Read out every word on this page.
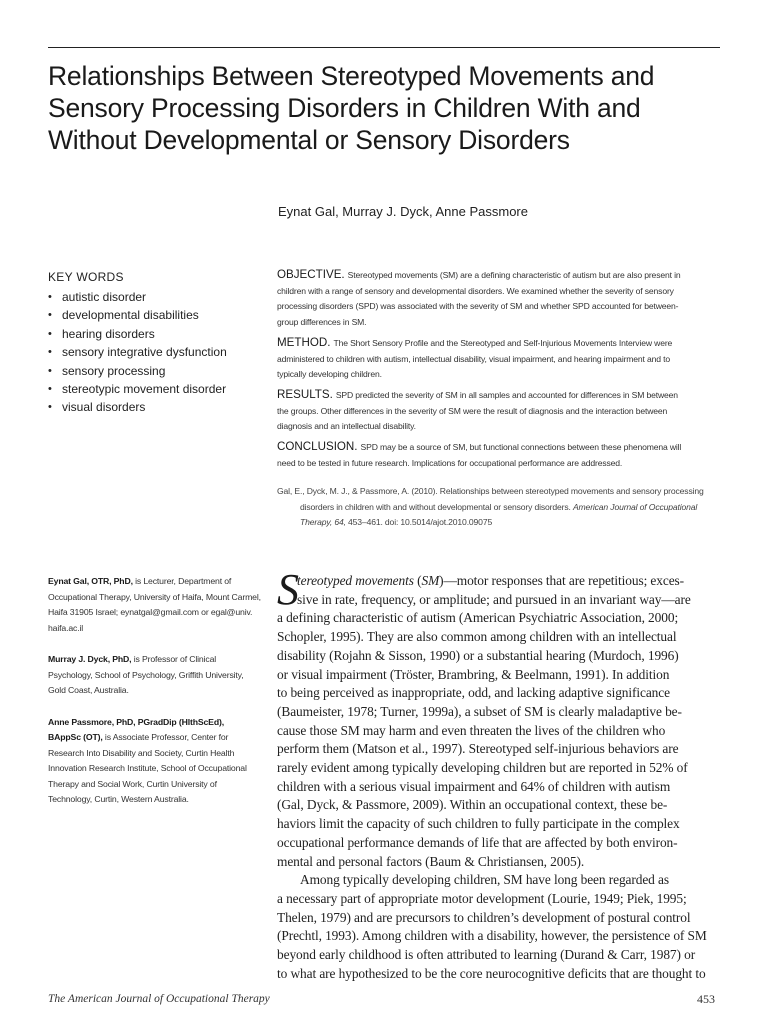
Relationships Between Stereotyped Movements and
Sensory Processing Disorders in Children With and
Without Developmental or Sensory Disorders
Eynat Gal, Murray J. Dyck, Anne Passmore
KEY WORDS
• autistic disorder
• developmental disabilities
• hearing disorders
• sensory integrative dysfunction
• sensory processing
• stereotypic movement disorder
• visual disorders
OBJECTIVE. Stereotyped movements (SM) are a defining characteristic of autism but are also present in
children with a range of sensory and developmental disorders. We examined whether the severity of sensory
processing disorders (SPD) was associated with the severity of SM and whether SPD accounted for between-
group differences in SM.
METHOD. The Short Sensory Profile and the Stereotyped and Self-Injurious Movements Interview were
administered to children with autism, intellectual disability, visual impairment, and hearing impairment and to
typically developing children.
RESULTS. SPD predicted the severity of SM in all samples and accounted for differences in SM between
the groups. Other differences in the severity of SM were the result of diagnosis and the interaction between
diagnosis and an intellectual disability.
CONCLUSION. SPD may be a source of SM, but functional connections between these phenomena will
need to be tested in future research. Implications for occupational performance are addressed.
Gal, E., Dyck, M. J., & Passmore, A. (2010). Relationships between stereotyped movements and sensory processing
disorders in children with and without developmental or sensory disorders. American Journal of Occupational
Therapy, 64, 453–461. doi: 10.5014/ajot.2010.09075
Eynat Gal, OTR, PhD, is Lecturer, Department of
Occupational Therapy, University of Haifa, Mount Carmel,
Haifa 31905 Israel; eynatgal@gmail.com or egal@univ.
haifa.ac.il
Murray J. Dyck, PhD, is Professor of Clinical
Psychology, School of Psychology, Griffith University,
Gold Coast, Australia.
Anne Passmore, PhD, PGradDip (HlthScEd),
BAppSc (OT), is Associate Professor, Center for
Research Into Disability and Society, Curtin Health
Innovation Research Institute, School of Occupational
Therapy and Social Work, Curtin University of
Technology, Curtin, Western Australia.
S
tereotyped movements (SM)—motor responses that are repetitious; exces-
sive in rate, frequency, or amplitude; and pursued in an invariant way—are
a defining characteristic of autism (American Psychiatric Association, 2000;
Schopler, 1995). They are also common among children with an intellectual
disability (Rojahn & Sisson, 1990) or a substantial hearing (Murdoch, 1996)
or visual impairment (Tröster, Brambring, & Beelmann, 1991). In addition
to being perceived as inappropriate, odd, and lacking adaptive significance
(Baumeister, 1978; Turner, 1999a), a subset of SM is clearly maladaptive be-
cause those SM may harm and even threaten the lives of the children who
perform them (Matson et al., 1997). Stereotyped self-injurious behaviors are
rarely evident among typically developing children but are reported in 52% of
children with a serious visual impairment and 64% of children with autism
(Gal, Dyck, & Passmore, 2009). Within an occupational context, these be-
haviors limit the capacity of such children to fully participate in the complex
occupational performance demands of life that are affected by both environ-
mental and personal factors (Baum & Christiansen, 2005).
Among typically developing children, SM have long been regarded as
a necessary part of appropriate motor development (Lourie, 1949; Piek, 1995;
Thelen, 1979) and are precursors to children’s development of postural control
(Prechtl, 1993). Among children with a disability, however, the persistence of SM
beyond early childhood is often attributed to learning (Durand & Carr, 1987) or
to what are hypothesized to be the core neurocognitive deficits that are thought to
The American Journal of Occupational Therapy	453
